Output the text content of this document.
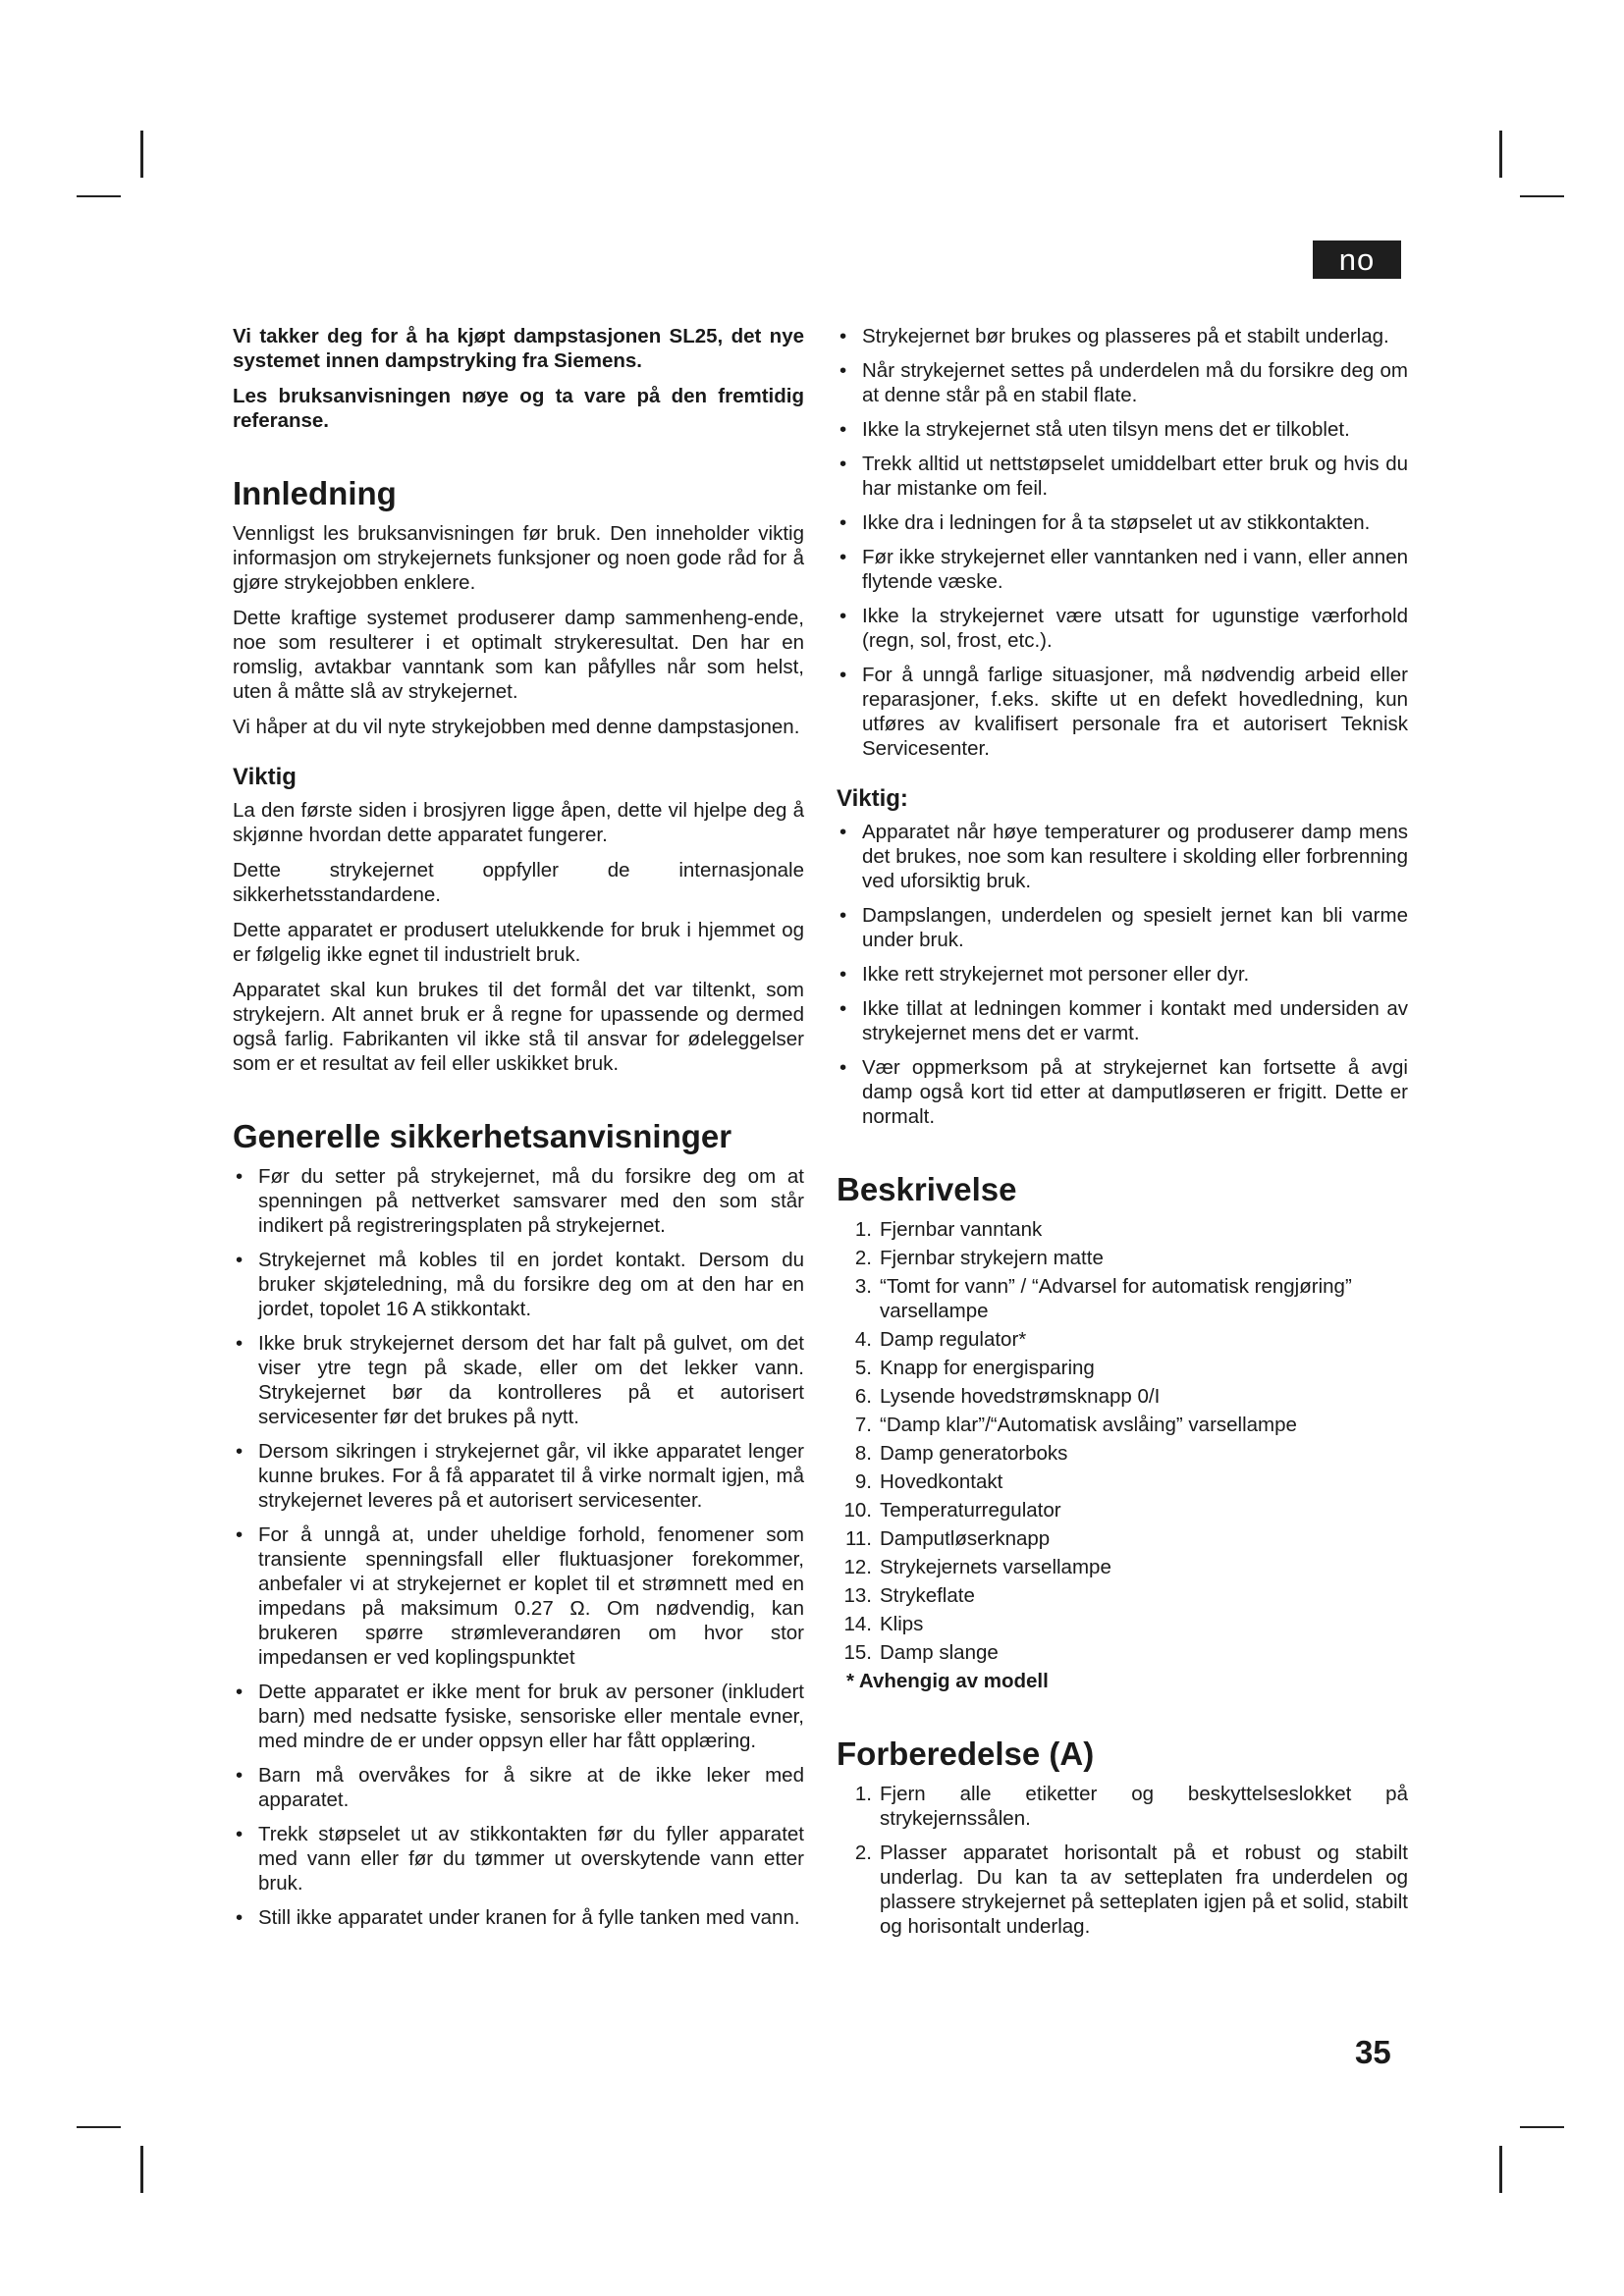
no

Vi takker deg for å ha kjøpt dampstasjonen SL25, det nye systemet innen dampstryking fra Siemens.

Les bruksanvisningen nøye og ta vare på den fremtidig referanse.

Innledning

Vennligst les bruksanvisningen før bruk. Den inneholder viktig informasjon om strykejernets funksjoner og noen gode råd for å gjøre strykejobben enklere.

Dette kraftige systemet produserer damp sammenheng-ende, noe som resulterer i et optimalt strykeresultat. Den har en romslig, avtakbar vanntank som kan påfylles når som helst, uten å måtte slå av strykejernet.

Vi håper at du vil nyte strykejobben med denne dampstasjonen.

Viktig

La den første siden i brosjyren ligge åpen, dette vil hjelpe deg å skjønne hvordan dette apparatet fungerer.

Dette strykejernet oppfyller de internasjonale sikkerhetsstandardene.

Dette apparatet er produsert utelukkende for bruk i hjemmet og er følgelig ikke egnet til industrielt bruk.

Apparatet skal kun brukes til det formål det var tiltenkt, som strykejern. Alt annet bruk er å regne for upassende og dermed også farlig. Fabrikanten vil ikke stå til ansvar for ødeleggelser som er et resultat av feil eller uskikket bruk.

Generelle sikkerhetsanvisninger
• Før du setter på strykejernet, må du forsikre deg om at spenningen på nettverket samsvarer med den som står indikert på registreringsplaten på strykejernet.
• Strykejernet må kobles til en jordet kontakt. Dersom du bruker skjøteledning, må du forsikre deg om at den har en jordet, topolet 16 A stikkontakt.
• Ikke bruk strykejernet dersom det har falt på gulvet, om det viser ytre tegn på skade, eller om det lekker vann. Strykejernet bør da kontrolleres på et autorisert servicesenter før det brukes på nytt.
• Dersom sikringen i strykejernet går, vil ikke apparatet lenger kunne brukes. For å få apparatet til å virke normalt igjen, må strykejernet leveres på et autorisert servicesenter.
• For å unngå at, under uheldige forhold, fenomener som transiente spenningsfall eller fluktuasjoner forekommer, anbefaler vi at strykejernet er koplet til et strømnett med en impedans på maksimum 0.27 Ω. Om nødvendig, kan brukeren spørre strømleverandøren om hvor stor impedansen er ved koplingspunktet
• Dette apparatet er ikke ment for bruk av personer (inkludert barn) med nedsatte fysiske, sensoriske eller mentale evner, med mindre de er under oppsyn eller har fått opplæring.
• Barn må overvåkes for å sikre at de ikke leker med apparatet.
• Trekk støpselet ut av stikkontakten før du fyller apparatet med vann eller før du tømmer ut overskytende vann etter bruk.
• Still ikke apparatet under kranen for å fylle tanken med vann.
• Strykejernet bør brukes og plasseres på et stabilt underlag.
• Når strykejernet settes på underdelen må du forsikre deg om at denne står på en stabil flate.
• Ikke la strykejernet stå uten tilsyn mens det er tilkoblet.
• Trekk alltid ut nettstøpselet umiddelbart etter bruk og hvis du har mistanke om feil.
• Ikke dra i ledningen for å ta støpselet ut av stikkontakten.
• Før ikke strykejernet eller vanntanken ned i vann, eller annen flytende væske.
• Ikke la strykejernet være utsatt for ugunstige værforhold (regn, sol, frost, etc.).
• For å unngå farlige situasjoner, må nødvendig arbeid eller reparasjoner, f.eks. skifte ut en defekt hovedledning, kun utføres av kvalifisert personale fra et autorisert Teknisk Servicesenter.
Viktig:
• Apparatet når høye temperaturer og produserer damp mens det brukes, noe som kan resultere i skolding eller forbrenning ved uforsiktig bruk.
• Dampslangen, underdelen og spesielt jernet kan bli varme under bruk.
• Ikke rett strykejernet mot personer eller dyr.
• Ikke tillat at ledningen kommer i kontakt med undersiden av strykejernet mens det er varmt.
• Vær oppmerksom på at strykejernet kan fortsette å avgi damp også kort tid etter at damputløseren er frigitt. Dette er normalt.
Beskrivelse
1. Fjernbar vanntank
2. Fjernbar strykejern matte
3. “Tomt for vann” / “Advarsel for automatisk rengjøring” varsellampe
4. Damp regulator*
5. Knapp for energisparing
6. Lysende hovedstrømsknapp 0/I
7. “Damp klar”/“Automatisk avslåing” varsellampe
8. Damp generatorboks
9. Hovedkontakt
10. Temperaturregulator
11. Damputløserknapp
12. Strykejernets varsellampe
13. Strykeflate
14. Klips
15. Damp slange
* Avhengig av modell
Forberedelse (A)
1. Fjern alle etiketter og beskyttelseslokket på strykejernssålen.
2. Plasser apparatet horisontalt på et robust og stabilt underlag. Du kan ta av setteplaten fra underdelen og plassere strykejernet på setteplaten igjen på et solid, stabilt og horisontalt underlag.
35
